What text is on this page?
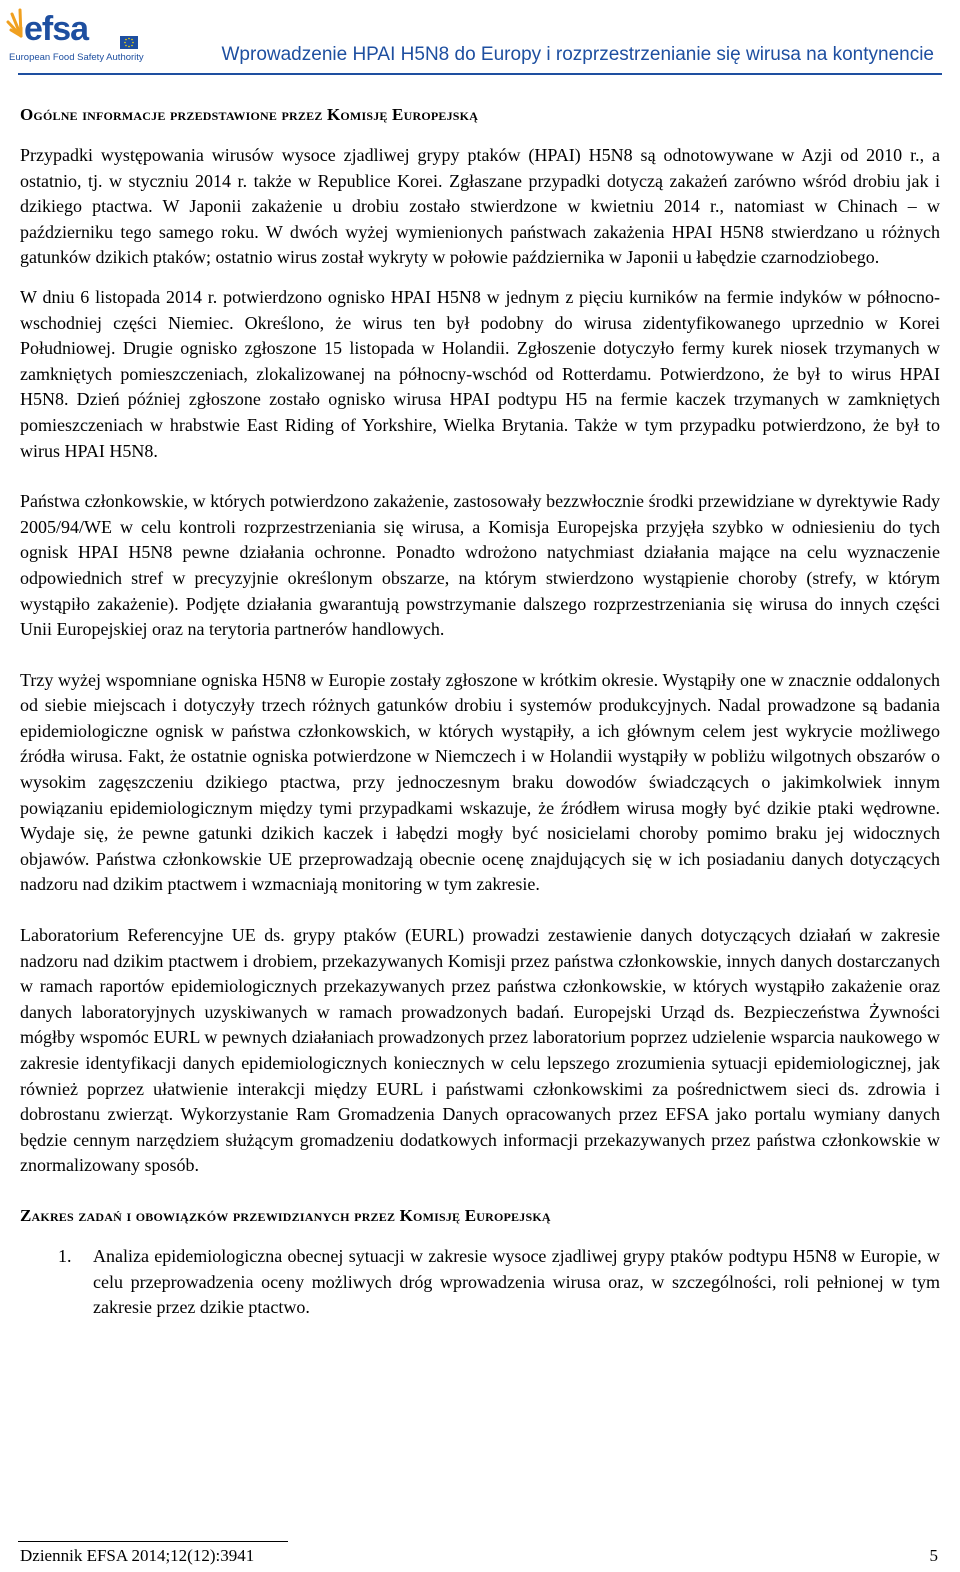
efsa
European Food Safety Authority	Wprowadzenie HPAI H5N8 do Europy i rozprzestrzenianie się wirusa na kontynencie
Ogólne informacje przedstawione przez Komisję Europejską

Przypadki występowania wirusów wysoce zjadliwej grypy ptaków (HPAI) H5N8 są odnotowywane w Azji od 2010 r., a ostatnio, tj. w styczniu 2014 r. także w Republice Korei. Zgłaszane przypadki dotyczą zakażeń zarówno wśród drobiu jak i dzikiego ptactwa. W Japonii zakażenie u drobiu zostało stwierdzone w kwietniu 2014 r., natomiast w Chinach – w październiku tego samego roku. W dwóch wyżej wymienionych państwach zakażenia HPAI H5N8 stwierdzano u różnych gatunków dzikich ptaków; ostatnio wirus został wykryty w połowie października w Japonii u łabędzie czarnodziobego.

W dniu 6 listopada 2014 r. potwierdzono ognisko HPAI H5N8 w jednym z pięciu kurników na fermie indyków w północno-wschodniej części Niemiec. Określono, że wirus ten był podobny do wirusa zidentyfikowanego uprzednio w Korei Południowej. Drugie ognisko zgłoszone 15 listopada w Holandii. Zgłoszenie dotyczyło fermy kurek niosek trzymanych w zamkniętych pomieszczeniach, zlokalizowanej na północny-wschód od Rotterdamu. Potwierdzono, że był to wirus HPAI H5N8. Dzień później zgłoszone zostało ognisko wirusa HPAI podtypu H5 na fermie kaczek trzymanych w zamkniętych pomieszczeniach w hrabstwie East Riding of Yorkshire, Wielka Brytania. Także w tym przypadku potwierdzono, że był to wirus HPAI H5N8.

Państwa członkowskie, w których potwierdzono zakażenie, zastosowały bezzwłocznie środki przewidziane w dyrektywie Rady 2005/94/WE w celu kontroli rozprzestrzeniania się wirusa, a Komisja Europejska przyjęła szybko w odniesieniu do tych ognisk HPAI H5N8 pewne działania ochronne. Ponadto wdrożono natychmiast działania mające na celu wyznaczenie odpowiednich stref w precyzyjnie określonym obszarze, na którym stwierdzono wystąpienie choroby (strefy, w którym wystąpiło zakażenie). Podjęte działania gwarantują powstrzymanie dalszego rozprzestrzeniania się wirusa do innych części Unii Europejskiej oraz na terytoria partnerów handlowych.

Trzy wyżej wspomniane ogniska H5N8 w Europie zostały zgłoszone w krótkim okresie. Wystąpiły one w znacznie oddalonych od siebie miejscach i dotyczyły trzech różnych gatunków drobiu i systemów produkcyjnych. Nadal prowadzone są badania epidemiologiczne ognisk w państwa członkowskich, w których wystąpiły, a ich głównym celem jest wykrycie możliwego źródła wirusa. Fakt, że ostatnie ogniska potwierdzone w Niemczech i w Holandii wystąpiły w pobliżu wilgotnych obszarów o wysokim zagęszczeniu dzikiego ptactwa, przy jednoczesnym braku dowodów świadczących o jakimkolwiek innym powiązaniu epidemiologicznym między tymi przypadkami wskazuje, że źródłem wirusa mogły być dzikie ptaki wędrowne. Wydaje się, że pewne gatunki dzikich kaczek i łabędzi mogły być nosicielami choroby pomimo braku jej widocznych objawów. Państwa członkowskie UE przeprowadzają obecnie ocenę znajdujących się w ich posiadaniu danych dotyczących nadzoru nad dzikim ptactwem i wzmacniają monitoring w tym zakresie.

Laboratorium Referencyjne UE ds. grypy ptaków (EURL) prowadzi zestawienie danych dotyczących działań w zakresie nadzoru nad dzikim ptactwem i drobiem, przekazywanych Komisji przez państwa członkowskie, innych danych dostarczanych w ramach raportów epidemiologicznych przekazywanych przez państwa członkowskie, w których wystąpiło zakażenie oraz danych laboratoryjnych uzyskiwanych w ramach prowadzonych badań. Europejski Urząd ds. Bezpieczeństwa Żywności mógłby wspomóc EURL w pewnych działaniach prowadzonych przez laboratorium poprzez udzielenie wsparcia naukowego w zakresie identyfikacji danych epidemiologicznych koniecznych w celu lepszego zrozumienia sytuacji epidemiologicznej, jak również poprzez ułatwienie interakcji między EURL i państwami członkowskimi za pośrednictwem sieci ds. zdrowia i dobrostanu zwierząt. Wykorzystanie Ram Gromadzenia Danych opracowanych przez EFSA jako portalu wymiany danych będzie cennym narzędziem służącym gromadzeniu dodatkowych informacji przekazywanych przez państwa członkowskie w znormalizowany sposób.

Zakres zadań i obowiązków przewidzianych przez Komisję Europejską
1. Analiza epidemiologiczna obecnej sytuacji w zakresie wysoce zjadliwej grypy ptaków podtypu H5N8 w Europie, w celu przeprowadzenia oceny możliwych dróg wprowadzenia wirusa oraz, w szczególności, roli pełnionej w tym zakresie przez dzikie ptactwo.
Dziennik EFSA 2014;12(12):3941	5
